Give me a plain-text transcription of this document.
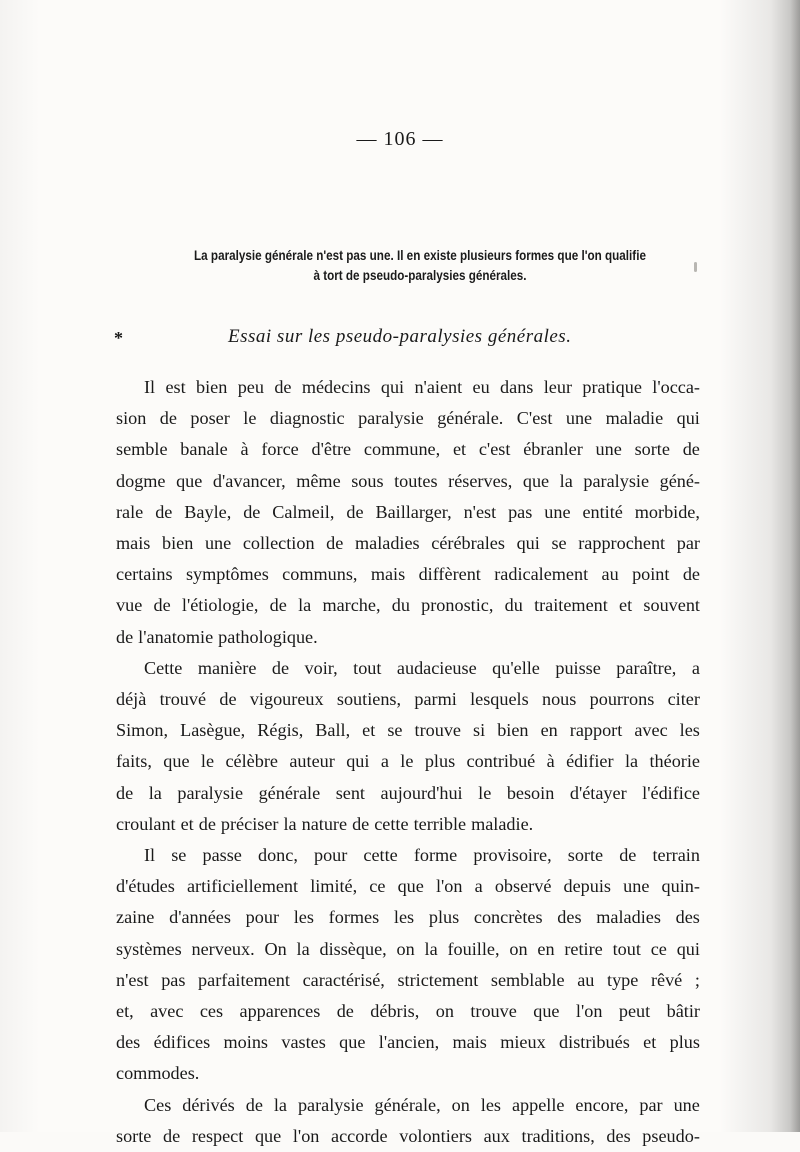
— 106 —
La paralysie générale n'est pas une. Il en existe plusieurs formes que l'on qualifie
à tort de pseudo-paralysies générales.
*	Essai sur les pseudo-paralysies générales.
Il est bien peu de médecins qui n'aient eu dans leur pratique l'occa-
sion de poser le diagnostic paralysie générale. C'est une maladie qui
semble banale à force d'être commune, et c'est ébranler une sorte de
dogme que d'avancer, même sous toutes réserves, que la paralysie géné-
rale de Bayle, de Calmeil, de Baillarger, n'est pas une entité morbide,
mais bien une collection de maladies cérébrales qui se rapprochent par
certains symptômes communs, mais diffèrent radicalement au point de
vue de l'étiologie, de la marche, du pronostic, du traitement et souvent
de l'anatomie pathologique.
Cette manière de voir, tout audacieuse qu'elle puisse paraître, a
déjà trouvé de vigoureux soutiens, parmi lesquels nous pourrons citer
Simon, Lasègue, Régis, Ball, et se trouve si bien en rapport avec les
faits, que le célèbre auteur qui a le plus contribué à édifier la théorie
de la paralysie générale sent aujourd'hui le besoin d'étayer l'édifice
croulant et de préciser la nature de cette terrible maladie.
Il se passe donc, pour cette forme provisoire, sorte de terrain
d'études artificiellement limité, ce que l'on a observé depuis une quin-
zaine d'années pour les formes les plus concrètes des maladies des
systèmes nerveux. On la dissèque, on la fouille, on en retire tout ce qui
n'est pas parfaitement caractérisé, strictement semblable au type rêvé ;
et, avec ces apparences de débris, on trouve que l'on peut bâtir
des édifices moins vastes que l'ancien, mais mieux distribués et plus
commodes.
Ces dérivés de la paralysie générale, on les appelle encore, par une
sorte de respect que l'on accorde volontiers aux traditions, des pseudo-
